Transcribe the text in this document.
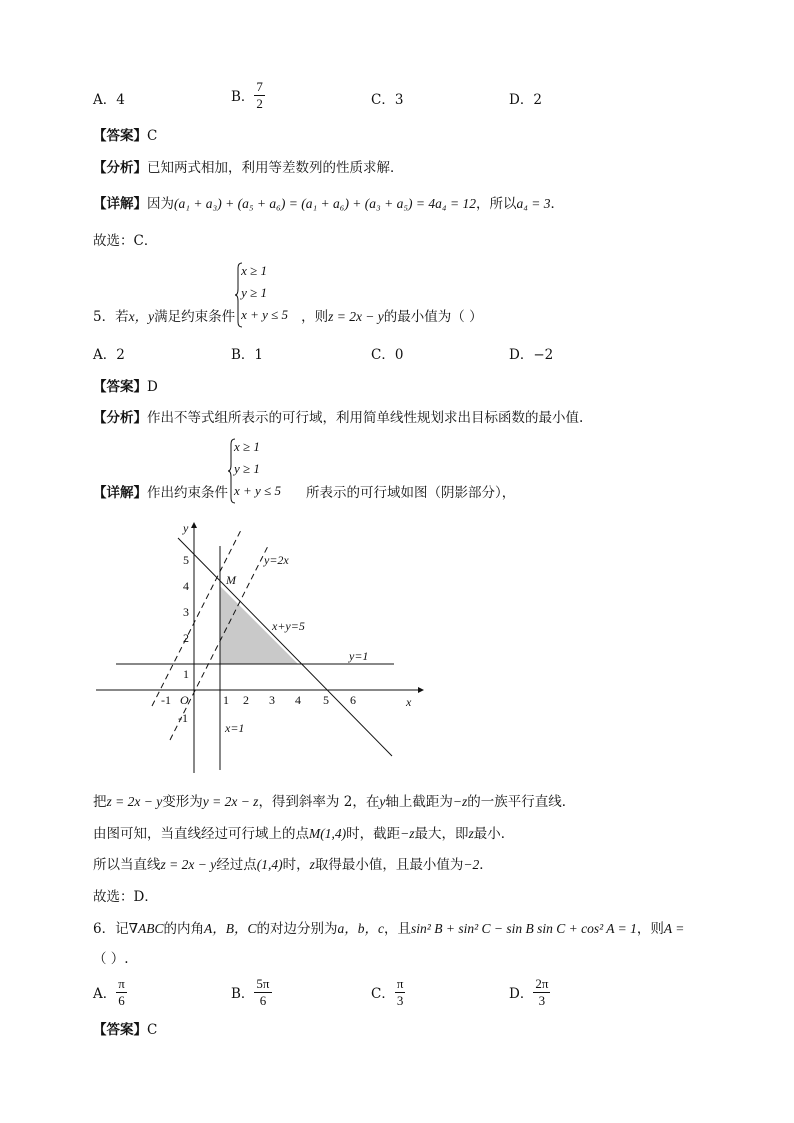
A．4	B． $\frac{7}{2}$	C．3	D．2
【答案】C
【分析】已知两式相加，利用等差数列的性质求解．
【详解】因为(a₁ + a₃) + (a₅ + a₆) = (a₁ + a₆) + (a₃ + a₅) = 4a₄ = 12，所以a₄ = 3．
故选：C．
5．若x，y满足约束条件
x ≥ 1
y ≥ 1
x + y ≤ 5 ，则z = 2x − y的最小值为（ ）
A．2	B．1	C．0	D．−2
【答案】D
【分析】作出不等式组所表示的可行域，利用简单线性规划求出目标函数的最小值.
【详解】作出约束条件
x ≥ 1
y ≥ 1
x + y ≤ 5 所表示的可行域如图（阴影部分），
y
x
O
-1	1 2 3 4 5 6
5
4
3
2
1
-1
y=2x
x+y=5
y=1
x=1
M
把z = 2x − y变形为y = 2x − z，得到斜率为 2，在y轴上截距为−z的一族平行直线．
由图可知，当直线经过可行域上的点M(1,4)时，截距−z最大，即z最小．
所以当直线z = 2x − y经过点(1,4)时，z取得最小值，且最小值为−2．
故选：D．
6．记∇ABC的内角A，B，C的对边分别为a，b，c，且sin² B + sin² C − sin B sin C + cos² A = 1，则A =
（ ）.
A． $\frac{\pi}{6}$	B． $\frac{5\pi}{6}$	C． $\frac{\pi}{3}$	D． $\frac{2\pi}{3}$
【答案】C
